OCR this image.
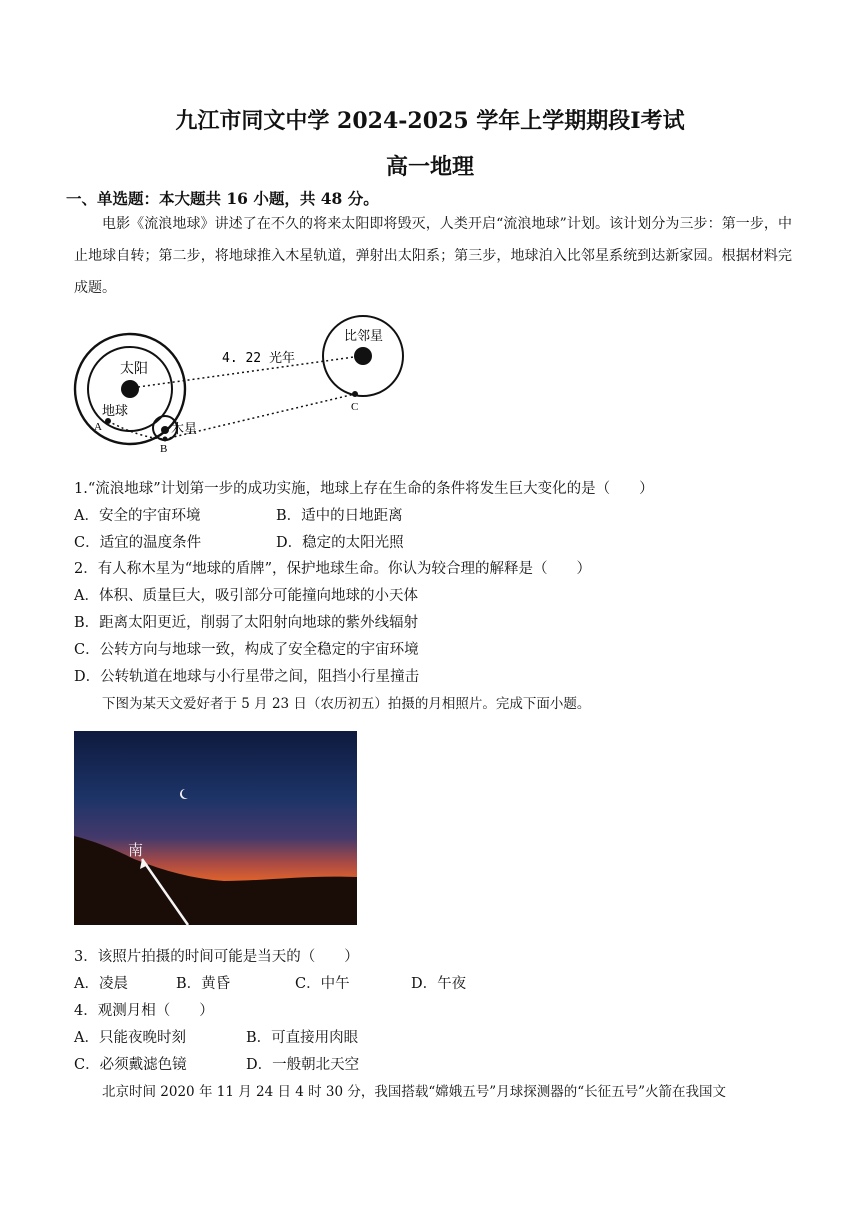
九江市同文中学 2024-2025 学年上学期期段Ⅰ考试
高一地理
一、单选题：本大题共 16 小题，共 48 分。
电影《流浪地球》讲述了在不久的将来太阳即将毁灭，人类开启“流浪地球”计划。该计划分为三步：第一步，中止地球自转；第二步，将地球推入木星轨道，弹射出太阳系；第三步，地球泊入比邻星系统到达新家园。根据材料完成题。
太阳
比邻星
4. 22 光年
木星
地球
A
B
C
1.“流浪地球”计划第一步的成功实施，地球上存在生命的条件将发生巨大变化的是（　　）
A．安全的宇宙环境	B．适中的日地距离
C．适宜的温度条件	D．稳定的太阳光照
2．有人称木星为“地球的盾牌”，保护地球生命。你认为较合理的解释是（　　）
A．体积、质量巨大，吸引部分可能撞向地球的小天体
B．距离太阳更近，削弱了太阳射向地球的紫外线辐射
C．公转方向与地球一致，构成了安全稳定的宇宙环境
D．公转轨道在地球与小行星带之间，阻挡小行星撞击
下图为某天文爱好者于 5 月 23 日（农历初五）拍摄的月相照片。完成下面小题。
南
3．该照片拍摄的时间可能是当天的（　　）
A．凌晨	B．黄昏	C．中午	D．午夜
4．观测月相（　　）
A．只能夜晚时刻	B．可直接用肉眼
C．必须戴滤色镜	D．一般朝北天空
北京时间 2020 年 11 月 24 日 4 时 30 分，我国搭载“嫦娥五号”月球探测器的“长征五号”火箭在我国文
